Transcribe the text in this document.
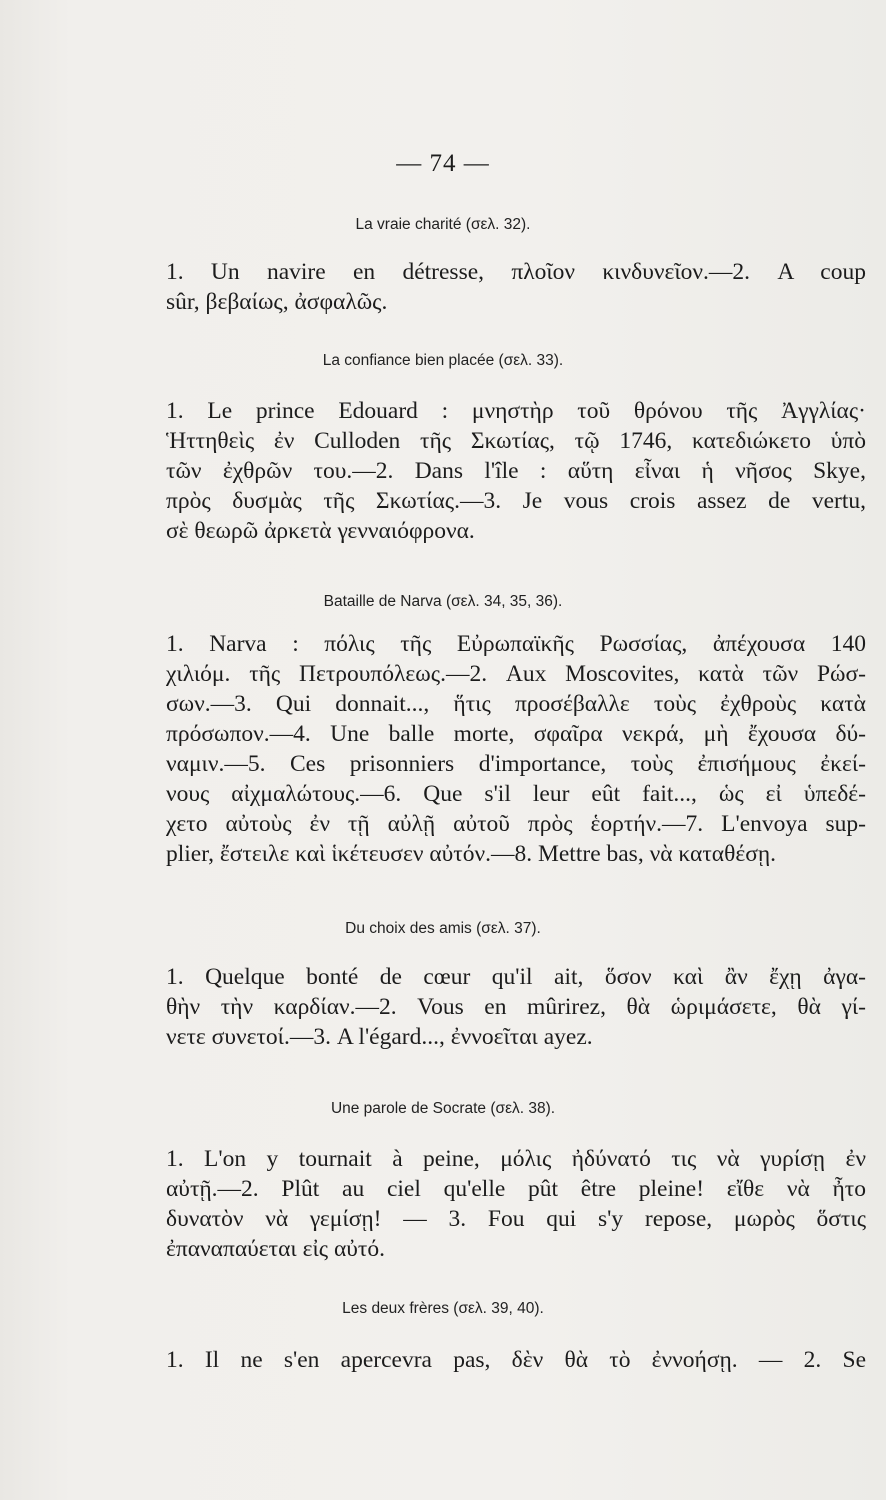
— 74 —
La vraie charité (σελ. 32).
1. Un navire en détresse, πλοῖον κινδυνεῖον.—2. A coup
sûr, βεβαίως, ἀσφαλῶς.
La confiance bien placée (σελ. 33).
1. Le prince Edouard : μνηστὴρ τοῦ θρόνου τῆς Ἀγγλίας·
Ἡττηθεὶς ἐν Culloden τῆς Σκωτίας, τῷ 1746, κατεδιώκετο ὑπὸ
τῶν ἐχθρῶν του.—2. Dans l'île : αὕτη εἶναι ἡ νῆσος Skye,
πρὸς δυσμὰς τῆς Σκωτίας.—3. Je vous crois assez de vertu,
σὲ θεωρῶ ἀρκετὰ γενναιόφρονα.
Bataille de Narva (σελ. 34, 35, 36).
1. Narva : πόλις τῆς Εὐρωπαϊκῆς Ρωσσίας, ἀπέχουσα 140
χιλιόμ. τῆς Πετρουπόλεως.—2. Aux Moscovites, κατὰ τῶν Ρώσ-
σων.—3. Qui donnait..., ἥτις προσέβαλλε τοὺς ἐχθροὺς κατὰ
πρόσωπον.—4. Une balle morte, σφαῖρα νεκρά, μὴ ἔχουσα δύ-
ναμιν.—5. Ces prisonniers d'importance, τοὺς ἐπισήμους ἐκεί-
νους αἰχμαλώτους.—6. Que s'il leur eût fait..., ὡς εἰ ὑπεδέ-
χετο αὐτοὺς ἐν τῇ αὐλῇ αὐτοῦ πρὸς ἑορτήν.—7. L'envoya sup-
plier, ἔστειλε καὶ ἱκέτευσεν αὐτόν.—8. Mettre bas, νὰ καταθέσῃ.
Du choix des amis (σελ. 37).
1. Quelque bonté de cœur qu'il ait, ὅσον καὶ ἂν ἔχῃ ἀγα-
θὴν τὴν καρδίαν.—2. Vous en mûrirez, θὰ ὡριμάσετε, θὰ γί-
νετε συνετοί.—3. A l'égard..., ἐννοεῖται ayez.
Une parole de Socrate (σελ. 38).
1. L'on y tournait à peine, μόλις ἠδύνατό τις νὰ γυρίσῃ ἐν
αὐτῇ.—2. Plût au ciel qu'elle pût être pleine! εἴθε νὰ ἦτο
δυνατὸν νὰ γεμίσῃ! — 3. Fou qui s'y repose, μωρὸς ὅστις
ἐπαναπαύεται εἰς αὐτό.
Les deux frères (σελ. 39, 40).
1. Il ne s'en apercevra pas, δὲν θὰ τὸ ἐννοήσῃ. — 2. Se
